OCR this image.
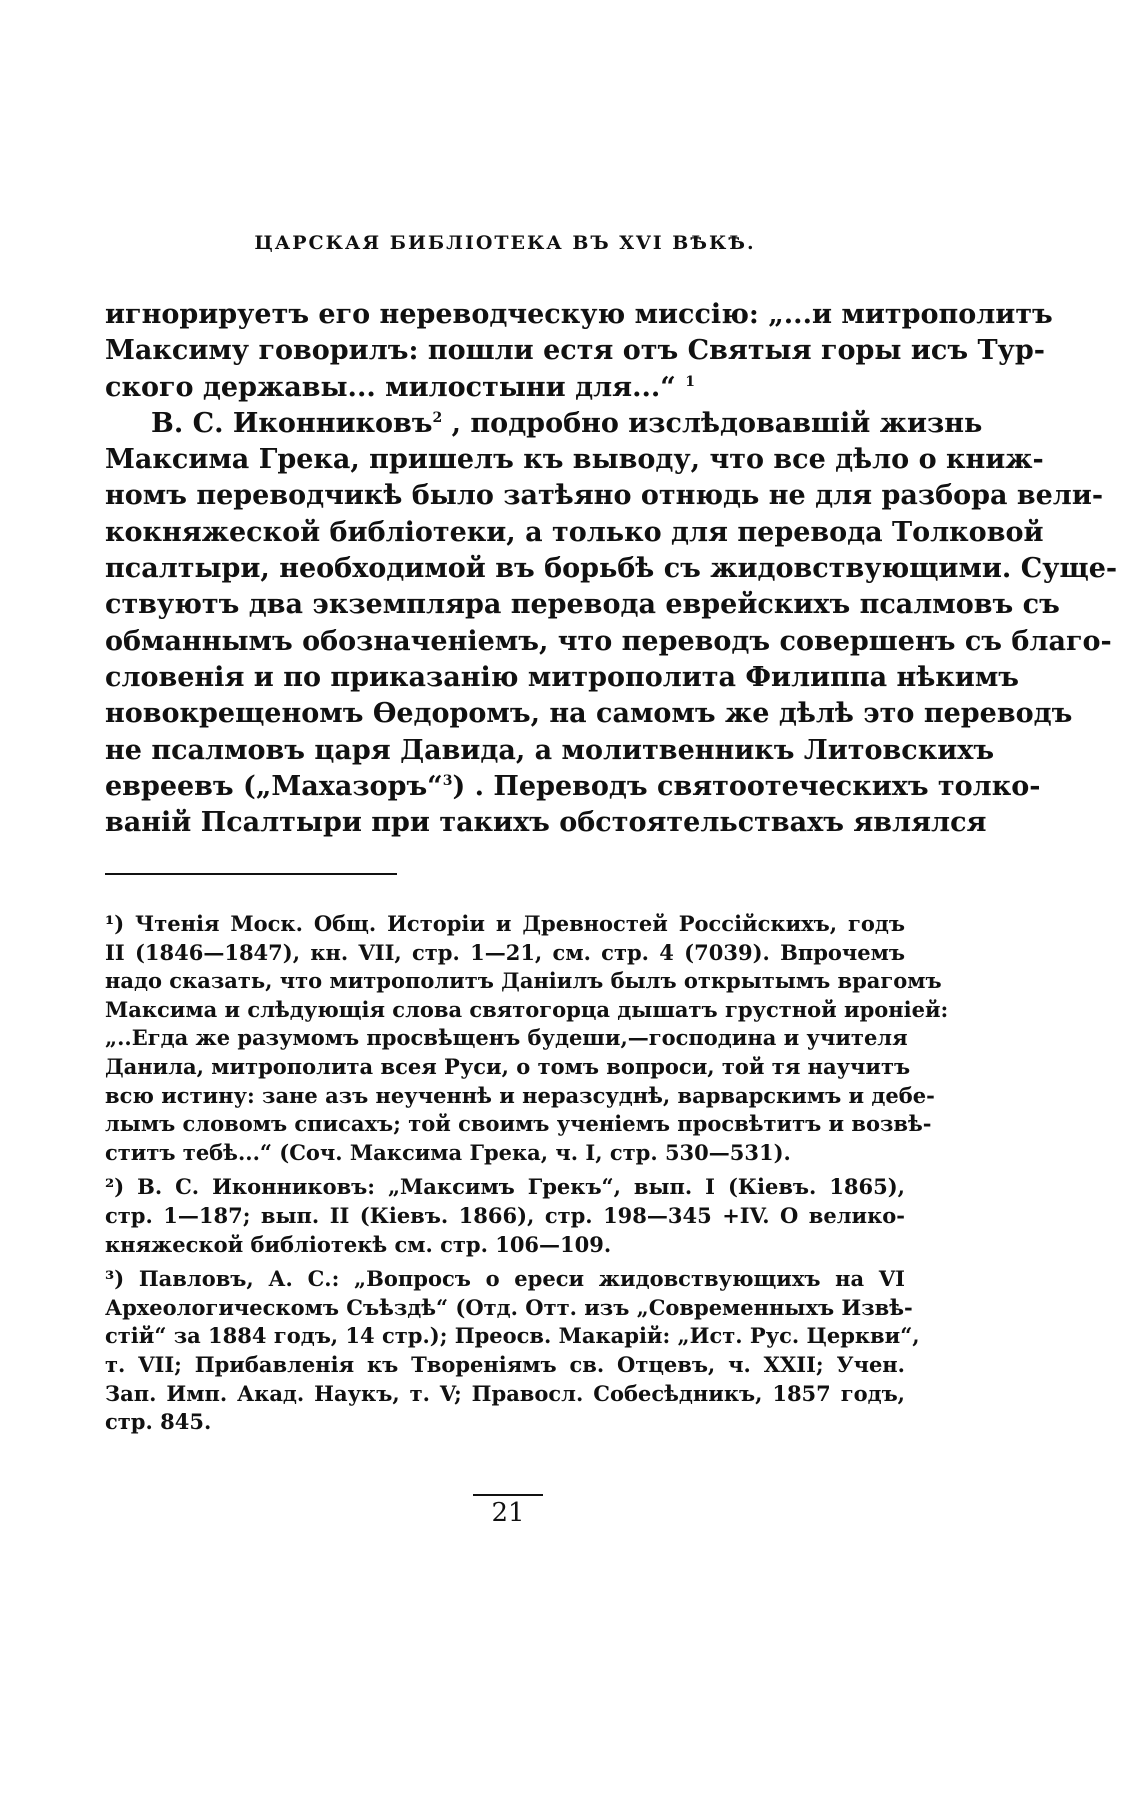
ЦАРСКАЯ БИБЛІОТЕКА ВЪ XVI ВѢКѢ.
игнорируетъ его нереводческую миссію: „...и митрополитъ
Максиму говорилъ: пошли естя отъ Святыя горы исъ Тур-
ского державы... милостыни для...“ $^1$
В. С. Иконниковъ$^2$ , подробно изслѣдовавшій жизнь
Максима Грека, пришелъ къ выводу, что все дѣло о книж-
номъ переводчикѣ было затѣяно отнюдь не для разбора вели-
кокняжеской библіотеки, а только для перевода Толковой
псалтыри, необходимой въ борьбѣ съ жидовствующими. Суще-
ствуютъ два экземпляра перевода еврейскихъ псалмовъ съ
обманнымъ обозначеніемъ, что переводъ совершенъ съ благо-
словенія и по приказанію митрополита Филиппа нѣкимъ
новокрещеномъ Ѳедоромъ, на самомъ же дѣлѣ это переводъ
не псалмовъ царя Давида, а молитвенникъ Литовскихъ
евреевъ („Махазоръ“$^3$) . Переводъ святоотеческихъ толко-
ваній Псалтыри при такихъ обстоятельствахъ являлся
¹) Чтенія Моск. Общ. Исторіи и Древностей Россійскихъ, годъ
II (1846—1847), кн. VII, стр. 1—21, см. стр. 4 (7039). Впрочемъ
надо сказать, что митрополитъ Даніилъ былъ открытымъ врагомъ
Максима и слѣдующія слова святогорца дышатъ грустной ироніей:
„..Егда же разумомъ просвѣщенъ будеши,—господина и учителя
Данила, митрополита всея Руси, о томъ вопроси, той тя научитъ
всю истину: зане азъ неученнѣ и неразсуднѣ, варварскимъ и дебе-
лымъ словомъ списахъ; той своимъ ученіемъ просвѣтитъ и возвѣ-
ститъ тебѣ...“ (Соч. Максима Грека, ч. I, стр. 530—531).
²) В. С. Иконниковъ: „Максимъ Грекъ“, вып. I (Кіевъ. 1865),
стр. 1—187; вып. II (Кіевъ. 1866), стр. 198—345 +IV. О велико-
княжеской библіотекѣ см. стр. 106—109.
³) Павловъ, А. С.: „Вопросъ о ереси жидовствующихъ на VI
Археологическомъ Съѣздѣ“ (Отд. Отт. изъ „Современныхъ Извѣ-
стій“ за 1884 годъ, 14 стр.); Преосв. Макарій: „Ист. Рус. Церкви“,
т. VII; Прибавленія къ Твореніямъ св. Отцевъ, ч. XXII; Учен.
Зап. Имп. Акад. Наукъ, т. V; Правосл. Собесѣдникъ, 1857 годъ,
стр. 845.
21
